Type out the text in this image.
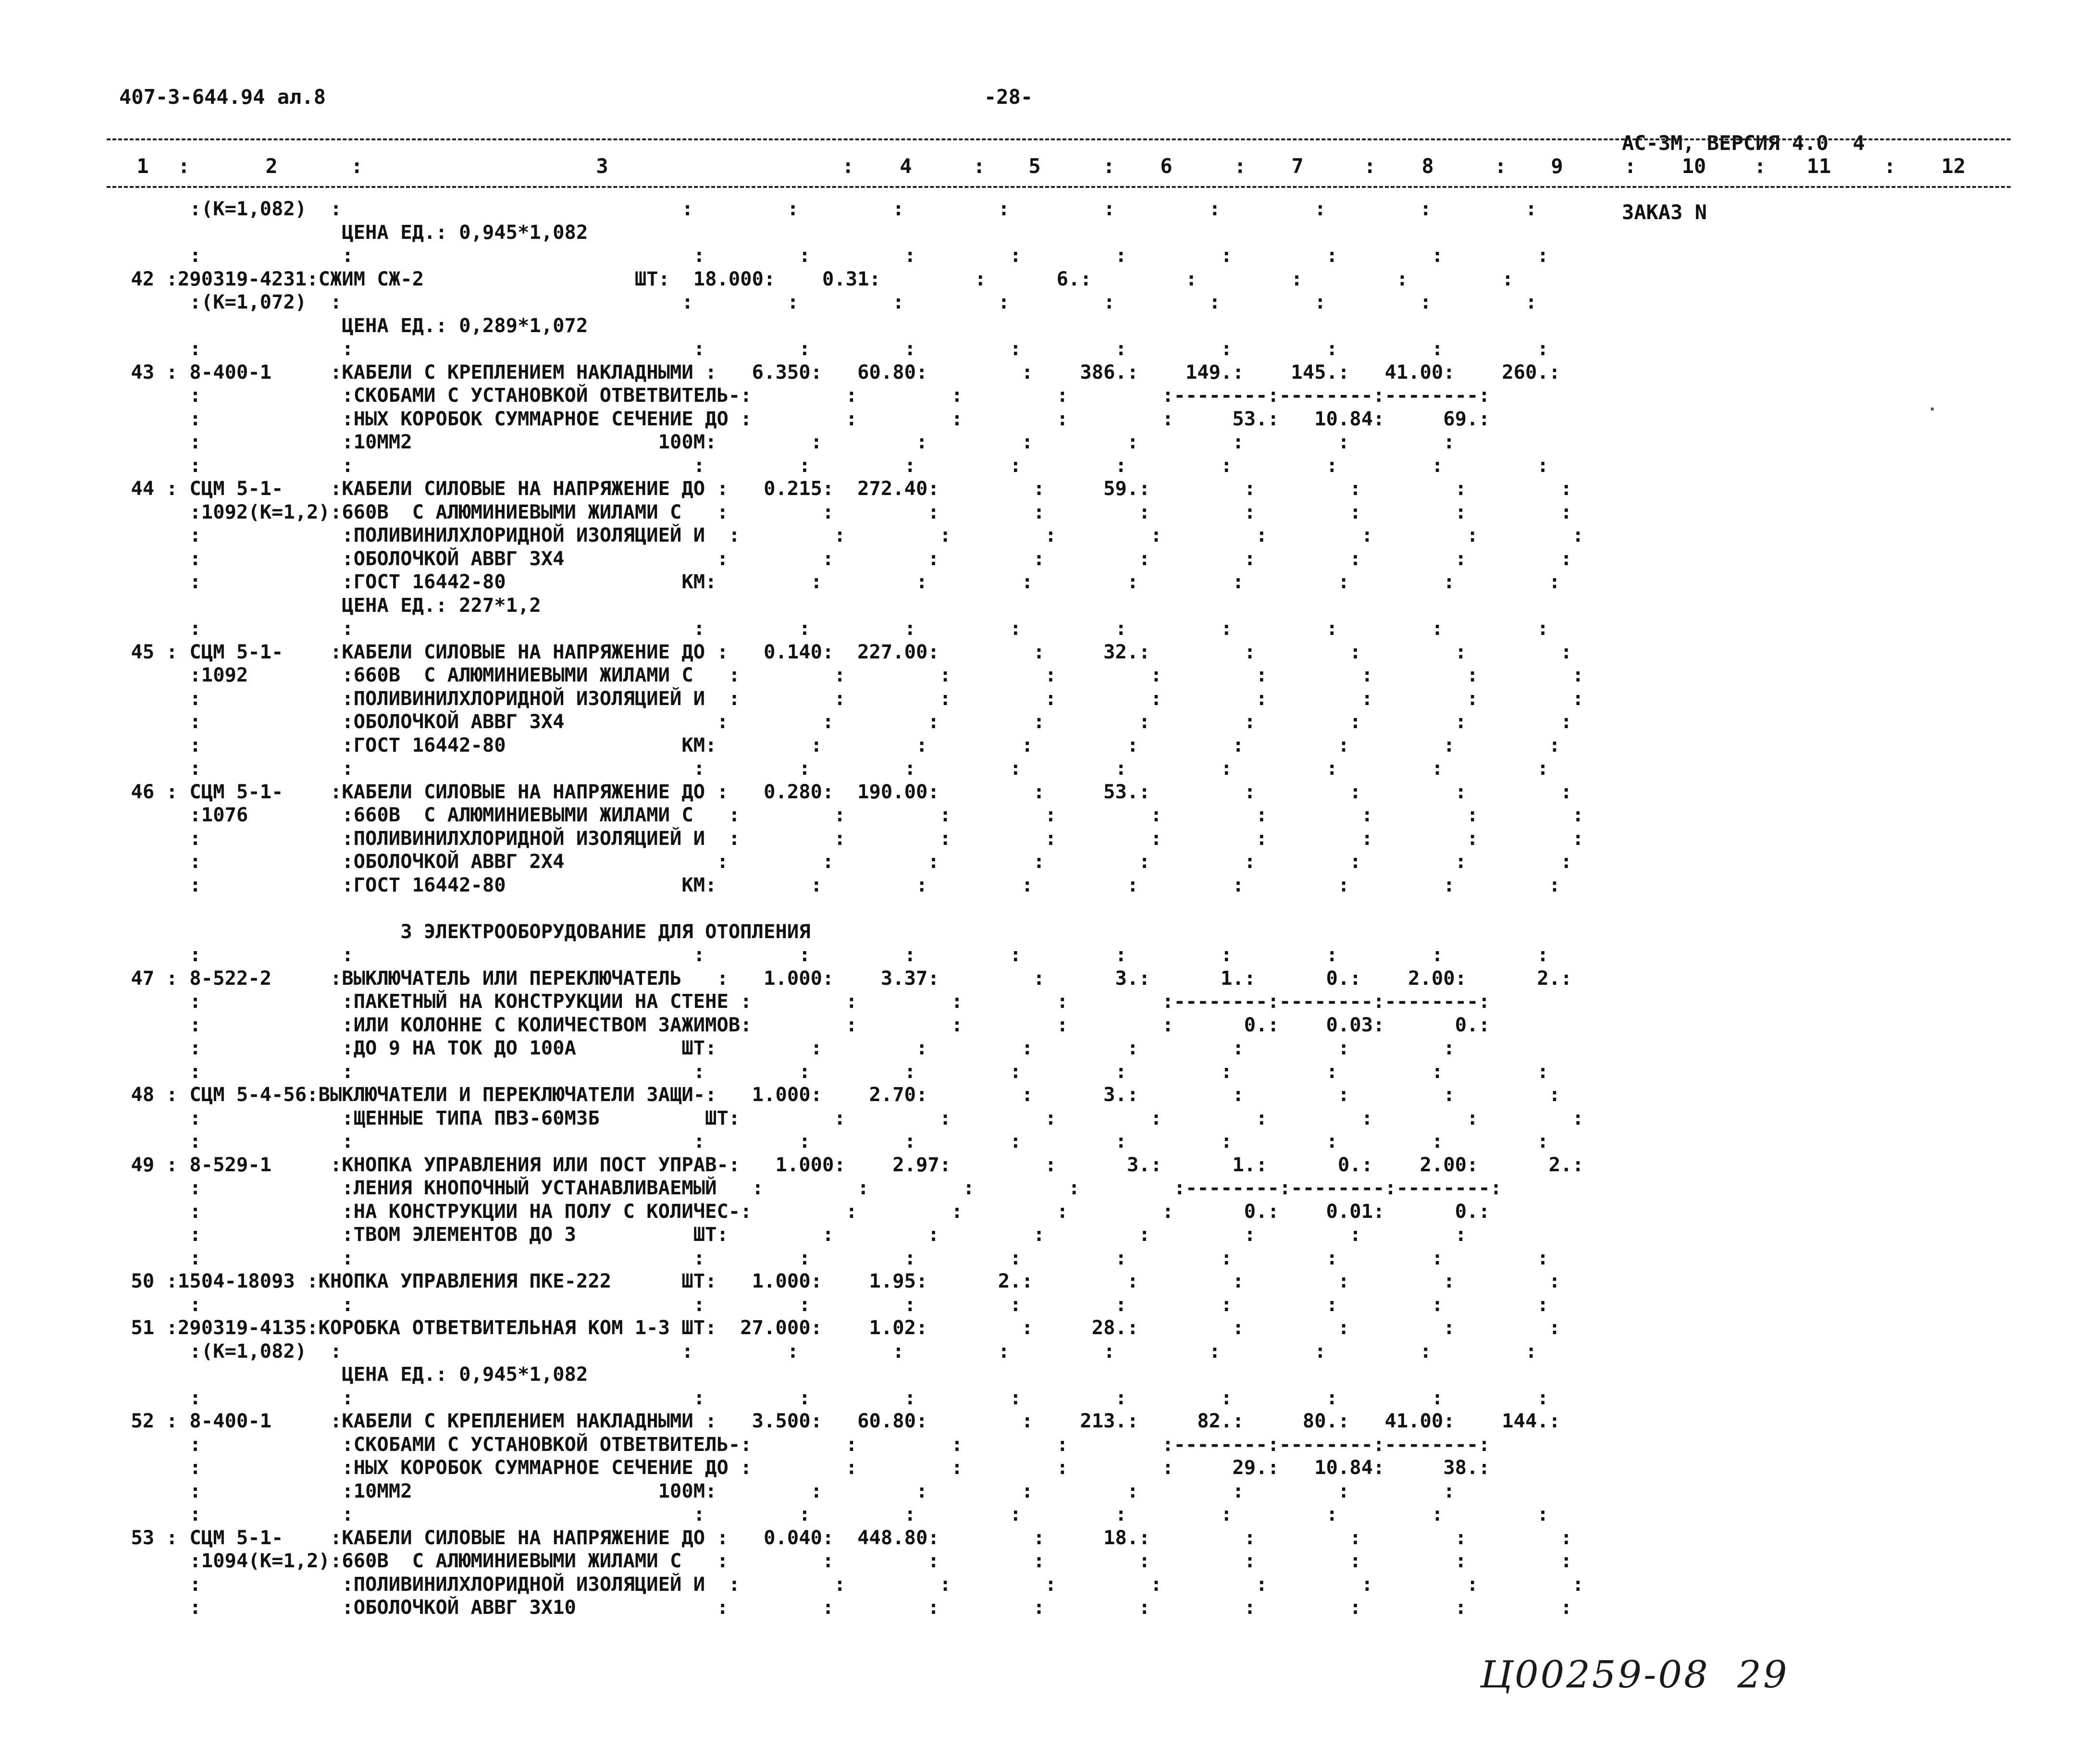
407-3-644.94 ал.8	-28-

АС-3М, ВЕРСИЯ 4.0  4

ЗАКАЗ N

1	:	2	:	3	:	4	:	5	:	6	:	7	:	8	:	9	: 10 : 11	: 12
:(К=1,082)  :                             :        :        :        :        :        :        :        :        :
ЦЕНА ЕД.: 0,945*1,082
:            :                             :        :        :        :        :        :        :        :        :
42 :290319-4231:СЖИМ СЖ-2                  ШТ:  18.000:    0.31:        :      6.:        :        :        :        :
:(К=1,072)  :                             :        :        :        :        :        :        :        :        :
ЦЕНА ЕД.: 0,289*1,072
:            :                             :        :        :        :        :        :        :        :        :
43 : 8-400-1     :КАБЕЛИ С КРЕПЛЕНИЕМ НАКЛАДНЫМИ :   6.350:   60.80:        :    386.:    149.:    145.:   41.00:    260.:
:            :СКОБАМИ С УСТАНОВКОЙ ОТВЕТВИТЕЛЬ-:        :        :        :        :--------:--------:--------:
:            :НЫХ КОРОБОК СУММАРНОЕ СЕЧЕНИЕ ДО :        :        :        :        :     53.:   10.84:     69.:
:            :10ММ2                     100М:        :        :        :        :        :        :        :
:            :                             :        :        :        :        :        :        :        :        :
44 : СЦМ 5-1-    :КАБЕЛИ СИЛОВЫЕ НА НАПРЯЖЕНИЕ ДО :   0.215:  272.40:        :     59.:        :        :        :        :
:1092(К=1,2):660В  С АЛЮМИНИЕВЫМИ ЖИЛАМИ С   :        :        :        :        :        :        :        :        :
:            :ПОЛИВИНИЛХЛОРИДНОЙ ИЗОЛЯЦИЕЙ И  :        :        :        :        :        :        :        :        :
:            :ОБОЛОЧКОЙ АВВГ 3Х4             :        :        :        :        :        :        :        :        :
:            :ГОСТ 16442-80               КМ:        :        :        :        :        :        :        :        :
ЦЕНА ЕД.: 227*1,2
:            :                             :        :        :        :        :        :        :        :        :
45 : СЦМ 5-1-    :КАБЕЛИ СИЛОВЫЕ НА НАПРЯЖЕНИЕ ДО :   0.140:  227.00:        :     32.:        :        :        :        :
:1092        :660В  С АЛЮМИНИЕВЫМИ ЖИЛАМИ С   :        :        :        :        :        :        :        :        :
:            :ПОЛИВИНИЛХЛОРИДНОЙ ИЗОЛЯЦИЕЙ И  :        :        :        :        :        :        :        :        :
:            :ОБОЛОЧКОЙ АВВГ 3Х4             :        :        :        :        :        :        :        :        :
:            :ГОСТ 16442-80               КМ:        :        :        :        :        :        :        :        :
:            :                             :        :        :        :        :        :        :        :        :
46 : СЦМ 5-1-    :КАБЕЛИ СИЛОВЫЕ НА НАПРЯЖЕНИЕ ДО :   0.280:  190.00:        :     53.:        :        :        :        :
:1076        :660В  С АЛЮМИНИЕВЫМИ ЖИЛАМИ С   :        :        :        :        :        :        :        :        :
:            :ПОЛИВИНИЛХЛОРИДНОЙ ИЗОЛЯЦИЕЙ И  :        :        :        :        :        :        :        :        :
:            :ОБОЛОЧКОЙ АВВГ 2Х4             :        :        :        :        :        :        :        :        :
:            :ГОСТ 16442-80               КМ:        :        :        :        :        :        :        :        :
3 ЭЛЕКТРООБОРУДОВАНИЕ ДЛЯ ОТОПЛЕНИЯ
:            :                             :        :        :        :        :        :        :        :        :
47 : 8-522-2     :ВЫКЛЮЧАТЕЛЬ ИЛИ ПЕРЕКЛЮЧАТЕЛЬ   :   1.000:    3.37:        :      3.:      1.:      0.:    2.00:      2.:
:            :ПАКЕТНЫЙ НА КОНСТРУКЦИИ НА СТЕНЕ :        :        :        :        :--------:--------:--------:
:            :ИЛИ КОЛОННЕ С КОЛИЧЕСТВОМ ЗАЖИМОВ:        :        :        :        :      0.:    0.03:      0.:
:            :ДО 9 НА ТОК ДО 100А         ШТ:        :        :        :        :        :        :        :
:            :                             :        :        :        :        :        :        :        :        :
48 : СЦМ 5-4-56:ВЫКЛЮЧАТЕЛИ И ПЕРЕКЛЮЧАТЕЛИ ЗАЩИ-:   1.000:    2.70:        :      3.:        :        :        :        :
:            :ЩЕННЫЕ ТИПА ПВЗ-60М3Б         ШТ:        :        :        :        :        :        :        :        :
:            :                             :        :        :        :        :        :        :        :        :
49 : 8-529-1     :КНОПКА УПРАВЛЕНИЯ ИЛИ ПОСТ УПРАВ-:   1.000:    2.97:        :      3.:      1.:      0.:    2.00:      2.:
:            :ЛЕНИЯ КНОПОЧНЫЙ УСТАНАВЛИВАЕМЫЙ   :        :        :        :        :--------:--------:--------:
:            :НА КОНСТРУКЦИИ НА ПОЛУ С КОЛИЧЕС-:        :        :        :        :      0.:    0.01:      0.:
:            :ТВОМ ЭЛЕМЕНТОВ ДО 3          ШТ:        :        :        :        :        :        :        :
:            :                             :        :        :        :        :        :        :        :        :
50 :1504-18093 :КНОПКА УПРАВЛЕНИЯ ПКЕ-222      ШТ:   1.000:    1.95:      2.:        :        :        :        :        :
:            :                             :        :        :        :        :        :        :        :        :
51 :290319-4135:КОРОБКА ОТВЕТВИТЕЛЬНАЯ КОМ 1-3 ШТ:  27.000:    1.02:        :     28.:        :        :        :        :
:(К=1,082)  :                             :        :        :        :        :        :        :        :        :
ЦЕНА ЕД.: 0,945*1,082
:            :                             :        :        :        :        :        :        :        :        :
52 : 8-400-1     :КАБЕЛИ С КРЕПЛЕНИЕМ НАКЛАДНЫМИ :   3.500:   60.80:        :    213.:     82.:     80.:   41.00:    144.:
:            :СКОБАМИ С УСТАНОВКОЙ ОТВЕТВИТЕЛЬ-:        :        :        :        :--------:--------:--------:
:            :НЫХ КОРОБОК СУММАРНОЕ СЕЧЕНИЕ ДО :        :        :        :        :     29.:   10.84:     38.:
:            :10ММ2                     100М:        :        :        :        :        :        :        :
:            :                             :        :        :        :        :        :        :        :        :
53 : СЦМ 5-1-    :КАБЕЛИ СИЛОВЫЕ НА НАПРЯЖЕНИЕ ДО :   0.040:  448.80:        :     18.:        :        :        :        :
:1094(К=1,2):660В  С АЛЮМИНИЕВЫМИ ЖИЛАМИ С   :        :        :        :        :        :        :        :        :
:            :ПОЛИВИНИЛХЛОРИДНОЙ ИЗОЛЯЦИЕЙ И  :        :        :        :        :        :        :        :        :
:            :ОБОЛОЧКОЙ АВВГ 3Х10            :        :        :        :        :        :        :        :        :
Ц00259-08  29
